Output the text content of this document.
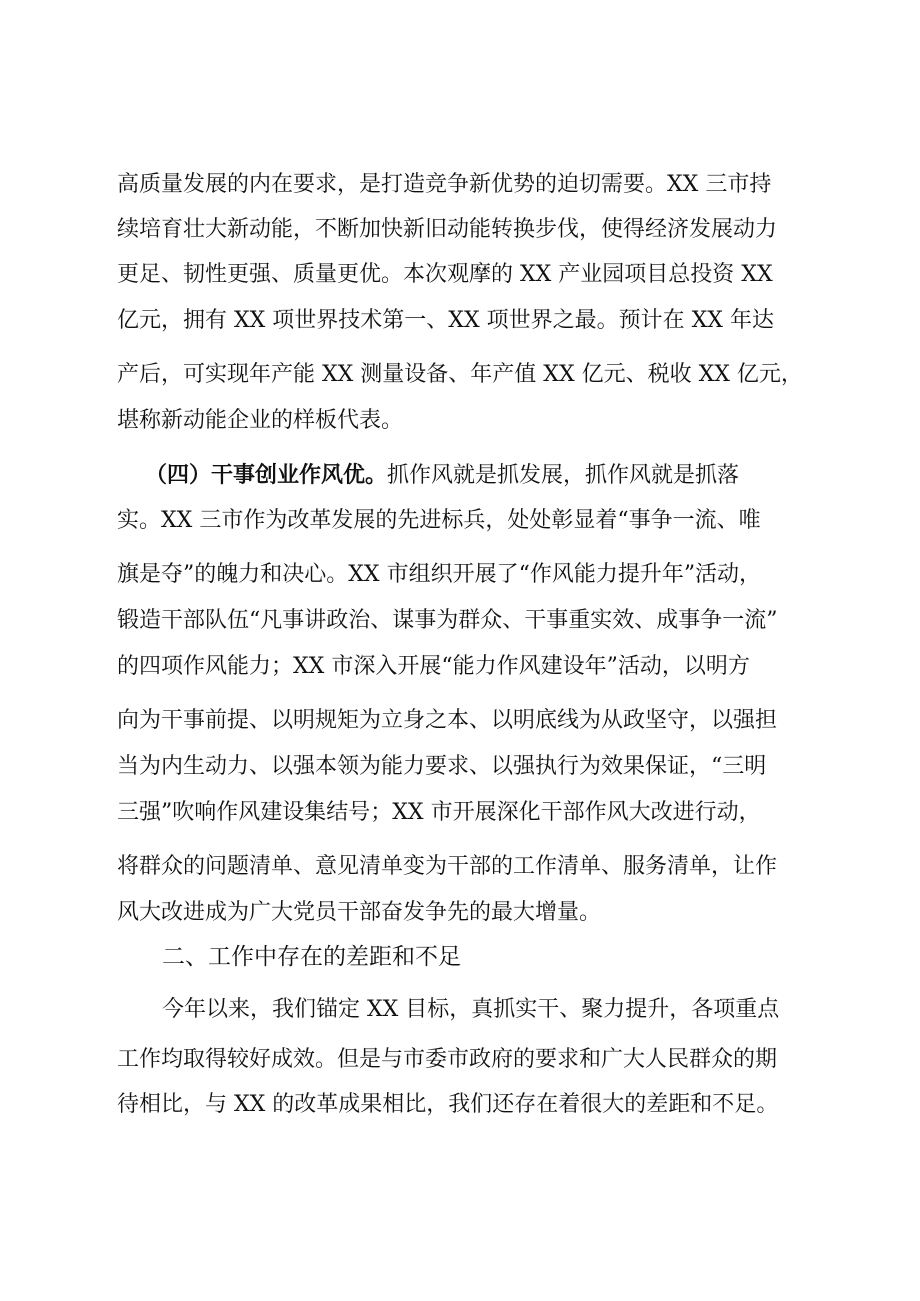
高质量发展的内在要求，是打造竞争新优势的迫切需要。XX 三市持
续培育壮大新动能，不断加快新旧动能转换步伐，使得经济发展动力
更足、韧性更强、质量更优。本次观摩的 XX 产业园项目总投资 XX
亿元，拥有 XX 项世界技术第一、XX 项世界之最。预计在 XX 年达
产后，可实现年产能 XX 测量设备、年产值 XX 亿元、税收 XX 亿元，
堪称新动能企业的样板代表。
（四）干事创业作风优。抓作风就是抓发展，抓作风就是抓落
实。XX 三市作为改革发展的先进标兵，处处彰显着“事争一流、唯
旗是夺”的魄力和决心。XX 市组织开展了“作风能力提升年”活动，
锻造干部队伍“凡事讲政治、谋事为群众、干事重实效、成事争一流”
的四项作风能力；XX 市深入开展“能力作风建设年”活动，以明方
向为干事前提、以明规矩为立身之本、以明底线为从政坚守，以强担
当为内生动力、以强本领为能力要求、以强执行为效果保证，“三明
三强”吹响作风建设集结号；XX 市开展深化干部作风大改进行动，
将群众的问题清单、意见清单变为干部的工作清单、服务清单，让作
风大改进成为广大党员干部奋发争先的最大增量。
二、工作中存在的差距和不足
今年以来，我们锚定 XX 目标，真抓实干、聚力提升，各项重点
工作均取得较好成效。但是与市委市政府的要求和广大人民群众的期
待相比，与 XX 的改革成果相比，我们还存在着很大的差距和不足。
